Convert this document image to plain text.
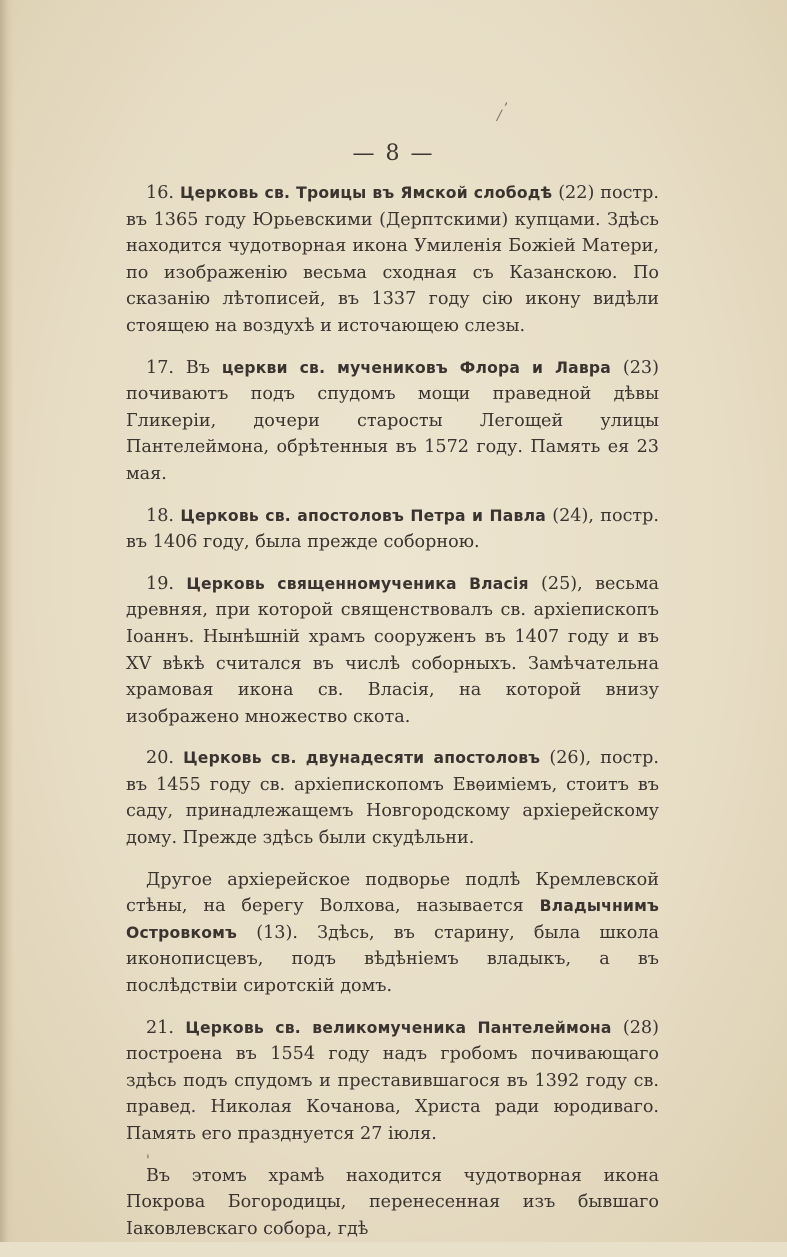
,
/
'
— 8 —

16. Церковь св. Троицы въ Ямской слободѣ (22) постр. въ 1365 году Юрьевскими (Дерптскими) купцами. Здѣсь находится чудотворная икона Умиленія Божіей Матери, по изображенію весьма сходная съ Казанскою. По сказанію лѣтописей, въ 1337 году сію икону видѣли стоящею на воздухѣ и источающею слезы.

17. Въ церкви св. мучениковъ Флора и Лавра (23) почиваютъ подъ спудомъ мощи праведной дѣвы Гликеріи, дочери старосты Легощей улицы Пантелеймона, обрѣтенныя въ 1572 году. Память ея 23 мая.

18. Церковь св. апостоловъ Петра и Павла (24), постр. въ 1406 году, была прежде соборною.

19. Церковь священномученика Власія (25), весьма древняя, при которой священствовалъ св. архіепископъ Іоаннъ. Нынѣшній храмъ сооруженъ въ 1407 году и въ XV вѣкѣ считался въ числѣ соборныхъ. Замѣчательна храмовая икона св. Власія, на которой внизу изображено множество скота.

20. Церковь св. двунадесяти апостоловъ (26), постр. въ 1455 году св. архіепископомъ Евѳиміемъ, стоитъ въ саду, принадлежащемъ Новгородскому архіерейскому дому. Прежде здѣсь были скудѣльни.

Другое архіерейское подворье подлѣ Кремлевской стѣны, на берегу Волхова, называется Владычнимъ Островкомъ (13). Здѣсь, въ старину, была школа иконописцевъ, подъ вѣдѣніемъ владыкъ, а въ послѣдствіи сиротскій домъ.

21. Церковь св. великомученика Пантелеймона (28) построена въ 1554 году надъ гробомъ почивающаго здѣсь подъ спудомъ и преставившагося въ 1392 году св. правед. Николая Кочанова, Христа ради юродиваго. Память его празднуется 27 іюля.

Въ этомъ храмѣ находится чудотворная икона Покрова Богородицы, перенесенная изъ бывшаго Іаковлевскаго собора, гдѣ
